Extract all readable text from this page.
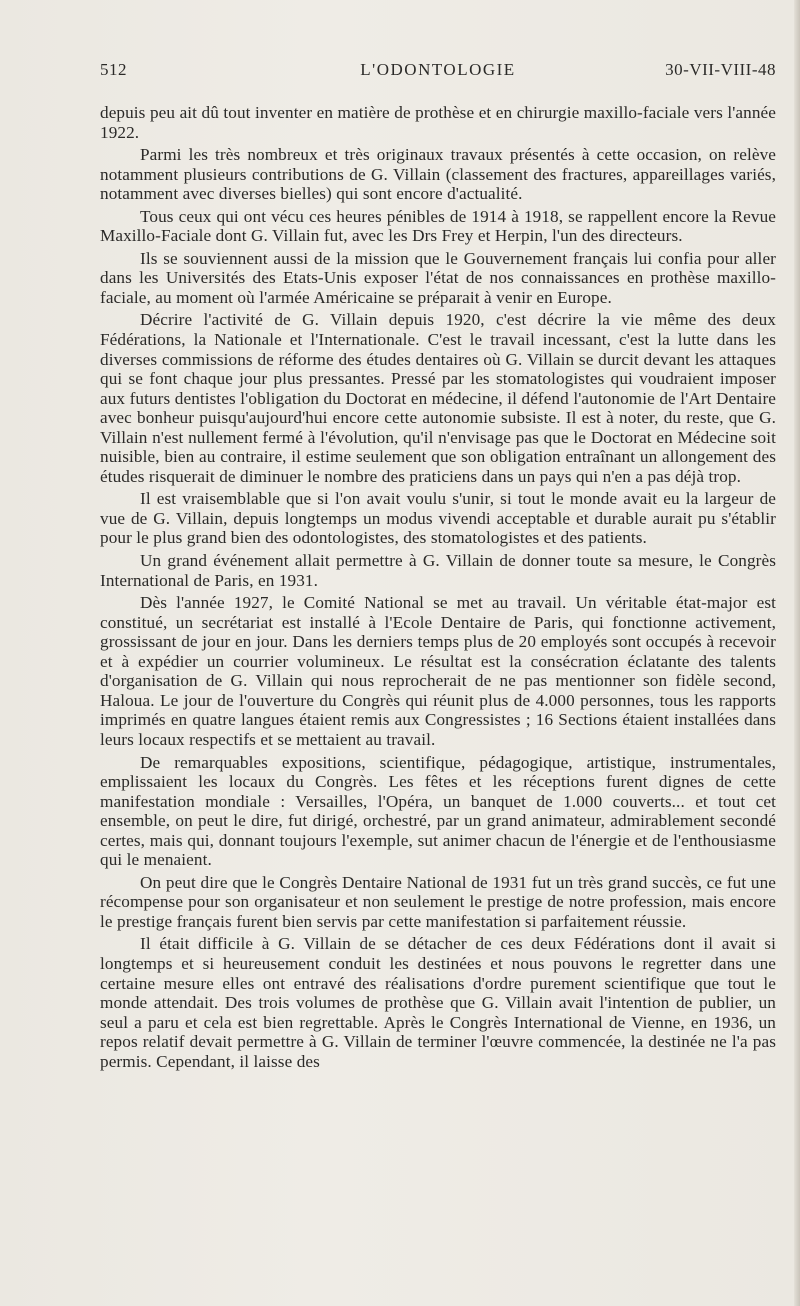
512	L'ODONTOLOGIE	30-VII-VIII-48

depuis peu ait dû tout inventer en matière de prothèse et en chirurgie maxillo-faciale vers l'année 1922.

Parmi les très nombreux et très originaux travaux présentés à cette occasion, on relève notamment plusieurs contributions de G. Villain (classement des fractures, appareillages variés, notamment avec diverses bielles) qui sont encore d'actualité.

Tous ceux qui ont vécu ces heures pénibles de 1914 à 1918, se rappellent encore la Revue Maxillo-Faciale dont G. Villain fut, avec les Drs Frey et Herpin, l'un des directeurs.

Ils se souviennent aussi de la mission que le Gouvernement français lui confia pour aller dans les Universités des Etats-Unis exposer l'état de nos connaissances en prothèse maxillo-faciale, au moment où l'armée Américaine se préparait à venir en Europe.

Décrire l'activité de G. Villain depuis 1920, c'est décrire la vie même des deux Fédérations, la Nationale et l'Internationale. C'est le travail incessant, c'est la lutte dans les diverses commissions de réforme des études dentaires où G. Villain se durcit devant les attaques qui se font chaque jour plus pressantes. Pressé par les stomatologistes qui voudraient imposer aux futurs dentistes l'obligation du Doctorat en médecine, il défend l'autonomie de l'Art Dentaire avec bonheur puisqu'aujourd'hui encore cette autonomie subsiste. Il est à noter, du reste, que G. Villain n'est nullement fermé à l'évolution, qu'il n'envisage pas que le Doctorat en Médecine soit nuisible, bien au contraire, il estime seulement que son obligation entraînant un allongement des études risquerait de diminuer le nombre des praticiens dans un pays qui n'en a pas déjà trop.

Il est vraisemblable que si l'on avait voulu s'unir, si tout le monde avait eu la largeur de vue de G. Villain, depuis longtemps un modus vivendi acceptable et durable aurait pu s'établir pour le plus grand bien des odontologistes, des stomatologistes et des patients.

Un grand événement allait permettre à G. Villain de donner toute sa mesure, le Congrès International de Paris, en 1931.

Dès l'année 1927, le Comité National se met au travail. Un véritable état-major est constitué, un secrétariat est installé à l'Ecole Dentaire de Paris, qui fonctionne activement, grossissant de jour en jour. Dans les derniers temps plus de 20 employés sont occupés à recevoir et à expédier un courrier volumineux. Le résultat est la consécration éclatante des talents d'organisation de G. Villain qui nous reprocherait de ne pas mentionner son fidèle second, Haloua. Le jour de l'ouverture du Congrès qui réunit plus de 4.000 personnes, tous les rapports imprimés en quatre langues étaient remis aux Congressistes ; 16 Sections étaient installées dans leurs locaux respectifs et se mettaient au travail.

De remarquables expositions, scientifique, pédagogique, artistique, instrumentales, emplissaient les locaux du Congrès. Les fêtes et les réceptions furent dignes de cette manifestation mondiale : Versailles, l'Opéra, un banquet de 1.000 couverts... et tout cet ensemble, on peut le dire, fut dirigé, orchestré, par un grand animateur, admirablement secondé certes, mais qui, donnant toujours l'exemple, sut animer chacun de l'énergie et de l'enthousiasme qui le menaient.

On peut dire que le Congrès Dentaire National de 1931 fut un très grand succès, ce fut une récompense pour son organisateur et non seulement le prestige de notre profession, mais encore le prestige français furent bien servis par cette manifestation si parfaitement réussie.

Il était difficile à G. Villain de se détacher de ces deux Fédérations dont il avait si longtemps et si heureusement conduit les destinées et nous pouvons le regretter dans une certaine mesure elles ont entravé des réalisations d'ordre purement scientifique que tout le monde attendait. Des trois volumes de prothèse que G. Villain avait l'intention de publier, un seul a paru et cela est bien regrettable. Après le Congrès International de Vienne, en 1936, un repos relatif devait permettre à G. Villain de terminer l'œuvre commencée, la destinée ne l'a pas permis. Cependant, il laisse des
